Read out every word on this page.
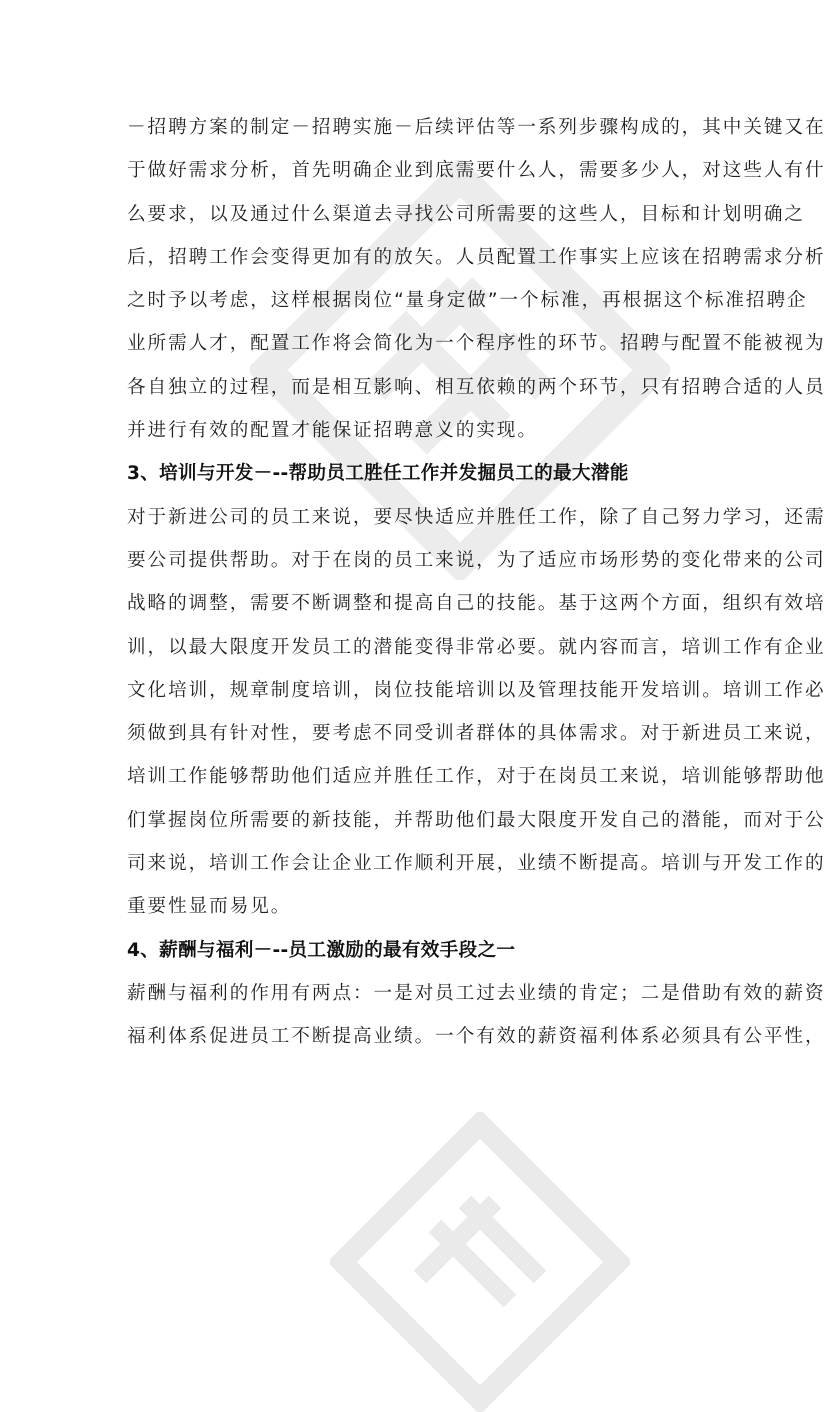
－招聘方案的制定－招聘实施－后续评估等一系列步骤构成的，其中关键又在
于做好需求分析，首先明确企业到底需要什么人，需要多少人，对这些人有什
么要求，以及通过什么渠道去寻找公司所需要的这些人，目标和计划明确之
后，招聘工作会变得更加有的放矢。人员配置工作事实上应该在招聘需求分析
之时予以考虑，这样根据岗位“量身定做”一个标准，再根据这个标准招聘企
业所需人才，配置工作将会简化为一个程序性的环节。招聘与配置不能被视为
各自独立的过程，而是相互影响、相互依赖的两个环节，只有招聘合适的人员
并进行有效的配置才能保证招聘意义的实现。
3、培训与开发－--帮助员工胜任工作并发掘员工的最大潜能
对于新进公司的员工来说，要尽快适应并胜任工作，除了自己努力学习，还需
要公司提供帮助。对于在岗的员工来说，为了适应市场形势的变化带来的公司
战略的调整，需要不断调整和提高自己的技能。基于这两个方面，组织有效培
训，以最大限度开发员工的潜能变得非常必要。就内容而言，培训工作有企业
文化培训，规章制度培训，岗位技能培训以及管理技能开发培训。培训工作必
须做到具有针对性，要考虑不同受训者群体的具体需求。对于新进员工来说，
培训工作能够帮助他们适应并胜任工作，对于在岗员工来说，培训能够帮助他
们掌握岗位所需要的新技能，并帮助他们最大限度开发自己的潜能，而对于公
司来说，培训工作会让企业工作顺利开展，业绩不断提高。培训与开发工作的
重要性显而易见。
4、薪酬与福利－--员工激励的最有效手段之一
薪酬与福利的作用有两点：一是对员工过去业绩的肯定；二是借助有效的薪资
福利体系促进员工不断提高业绩。一个有效的薪资福利体系必须具有公平性，
